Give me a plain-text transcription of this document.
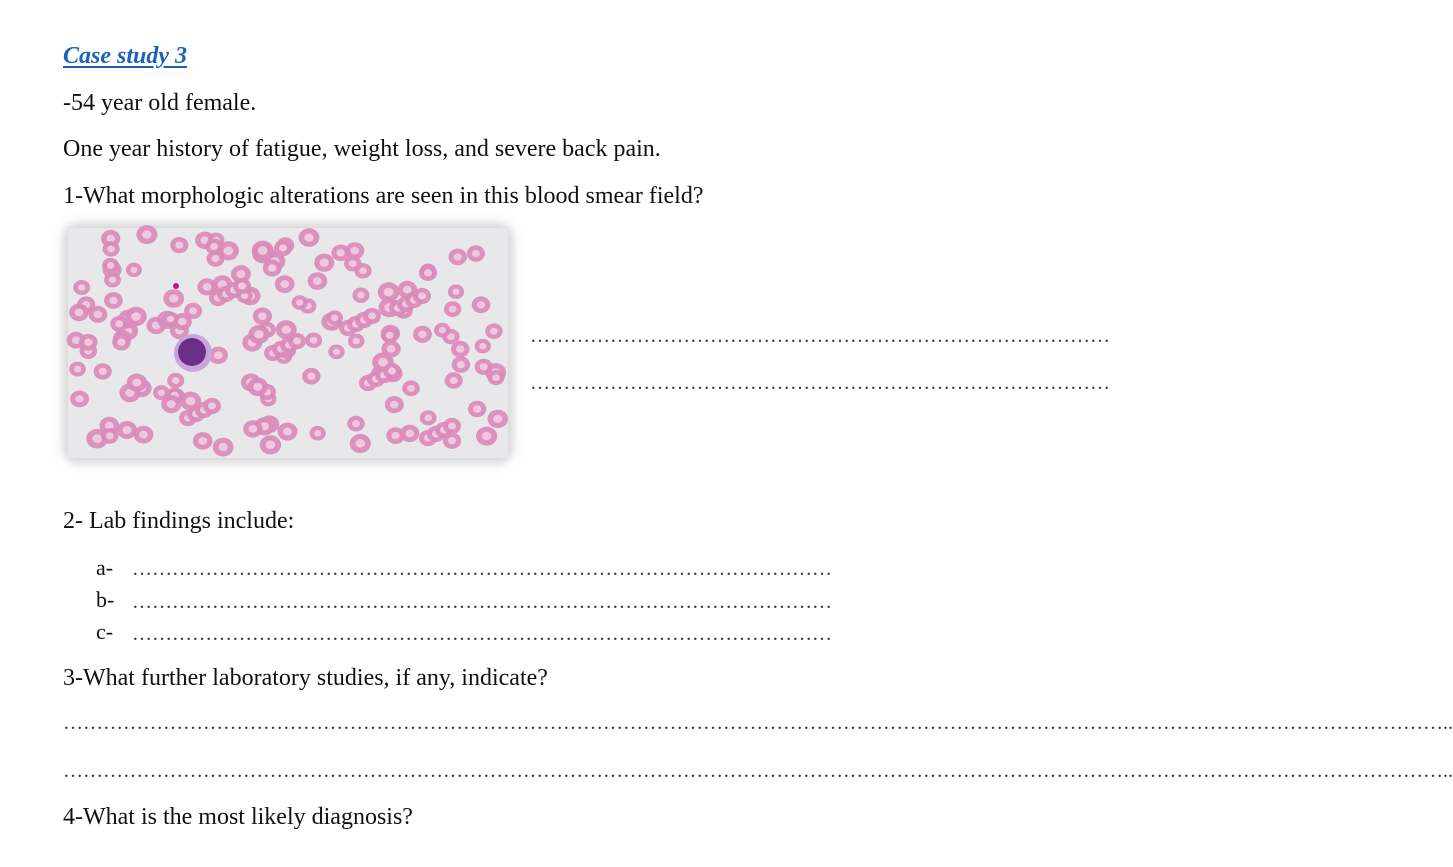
Case study 3
-54 year old female.
One year history of fatigue, weight loss, and severe back pain.
1-What morphologic alterations are seen in this blood smear field?
……………………………………………………………………………
……………………………………………………………………………
2- Lab findings include:
a-
b-
c-
……………………………………………………………………………………………
……………………………………………………………………………………………
……………………………………………………………………………………………
3-What further laboratory studies, if any, indicate?
………………………………………………………………………………………………………………………………………………………………………………………..
………………………………………………………………………………………………………………………………………………………………………………………..
4-What is the most likely diagnosis?
